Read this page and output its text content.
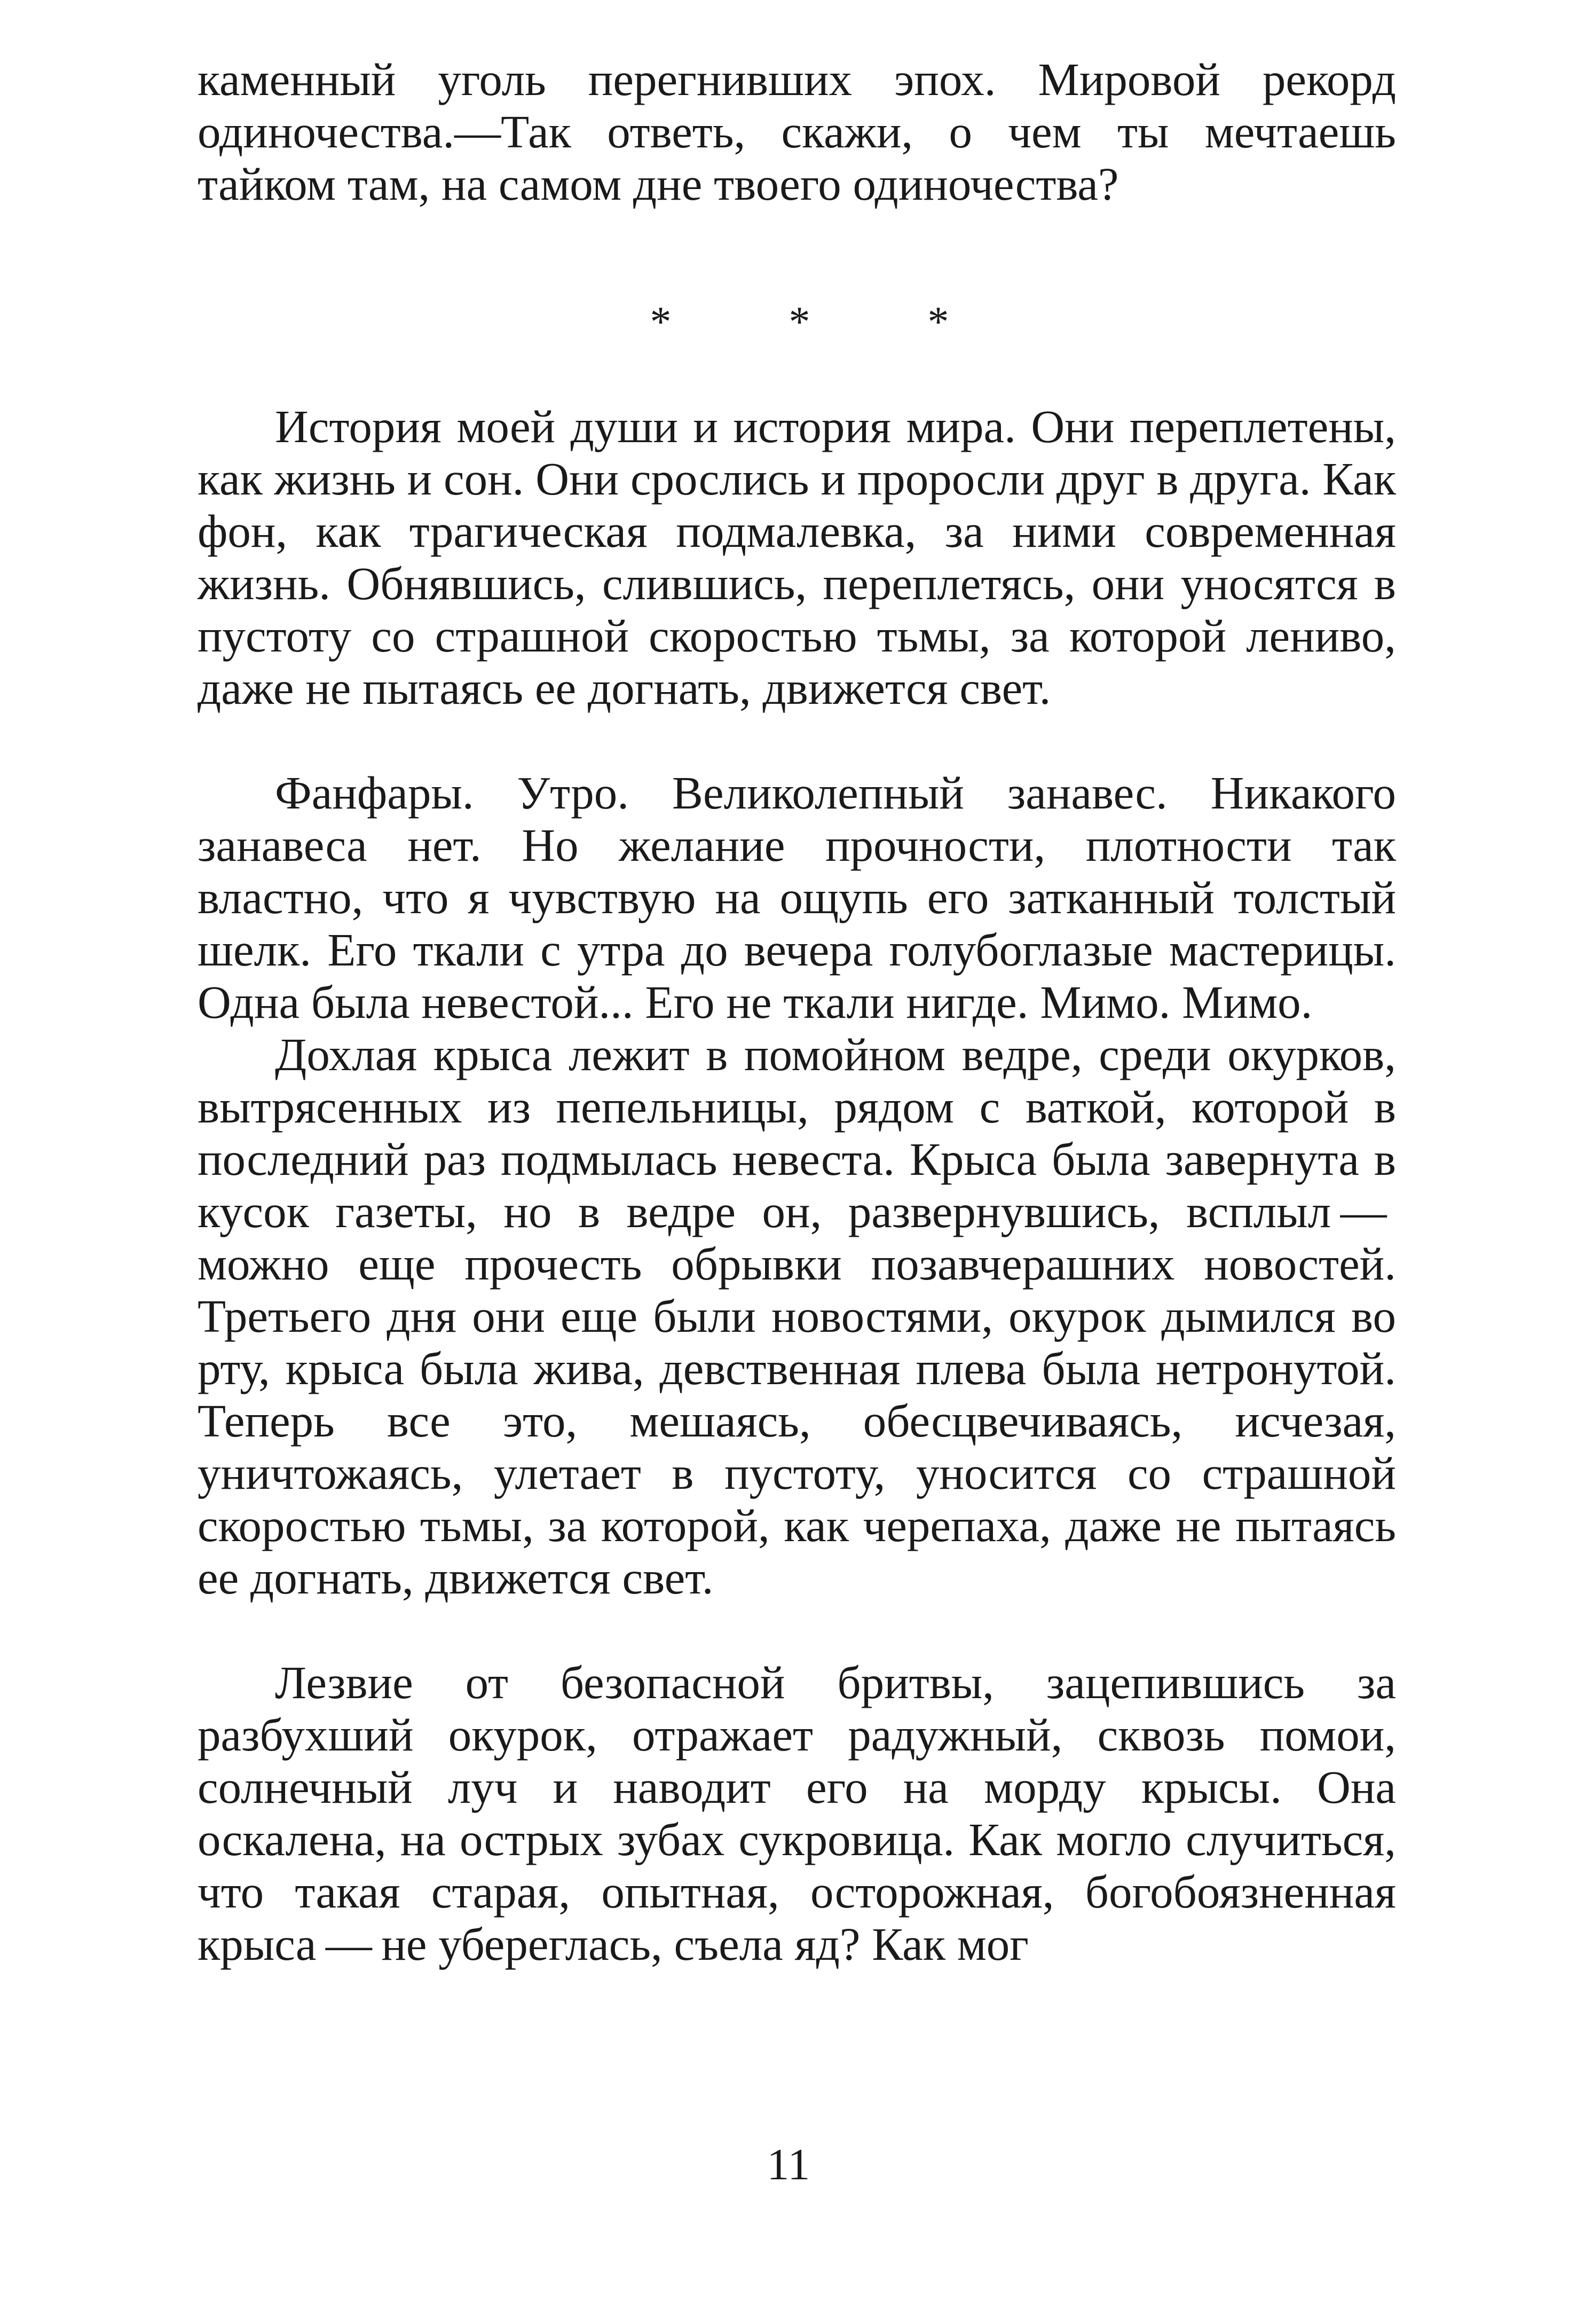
каменный уголь перегнивших эпох. Мировой рекорд одиночества.—Так ответь, скажи, о чем ты мечтаешь тайком там, на самом дне твоего одиночества?

* * *

История моей души и история мира. Они переплетены, как жизнь и сон. Они срослись и проросли друг в друга. Как фон, как трагическая подмалевка, за ними современная жизнь. Обнявшись, слившись, переплетясь, они уносятся в пустоту со страшной скоростью тьмы, за которой лениво, даже не пытаясь ее догнать, движется свет.

Фанфары. Утро. Великолепный занавес. Никакого занавеса нет. Но желание прочности, плотности так властно, что я чувствую на ощупь его затканный толстый шелк. Его ткали с утра до вечера голубоглазые мастерицы. Одна была невестой... Его не ткали нигде. Мимо. Мимо.

Дохлая крыса лежит в помойном ведре, среди окурков, вытрясенных из пепельницы, рядом с ваткой, которой в последний раз подмылась невеста. Крыса была завернута в кусок газеты, но в ведре он, развернувшись, всплыл — можно еще прочесть обрывки позавчерашних новостей. Третьего дня они еще были новостями, окурок дымился во рту, крыса была жива, девственная плева была нетронутой. Теперь все это, мешаясь, обесцвечиваясь, исчезая, уничтожаясь, улетает в пустоту, уносится со страшной скоростью тьмы, за которой, как черепаха, даже не пытаясь ее догнать, движется свет.

Лезвие от безопасной бритвы, зацепившись за разбухший окурок, отражает радужный, сквозь помои, солнечный луч и наводит его на морду крысы. Она оскалена, на острых зубах сукровица. Как могло случиться, что такая старая, опытная, осторожная, богобоязненная крыса — не убереглась, съела яд? Как мог

11
